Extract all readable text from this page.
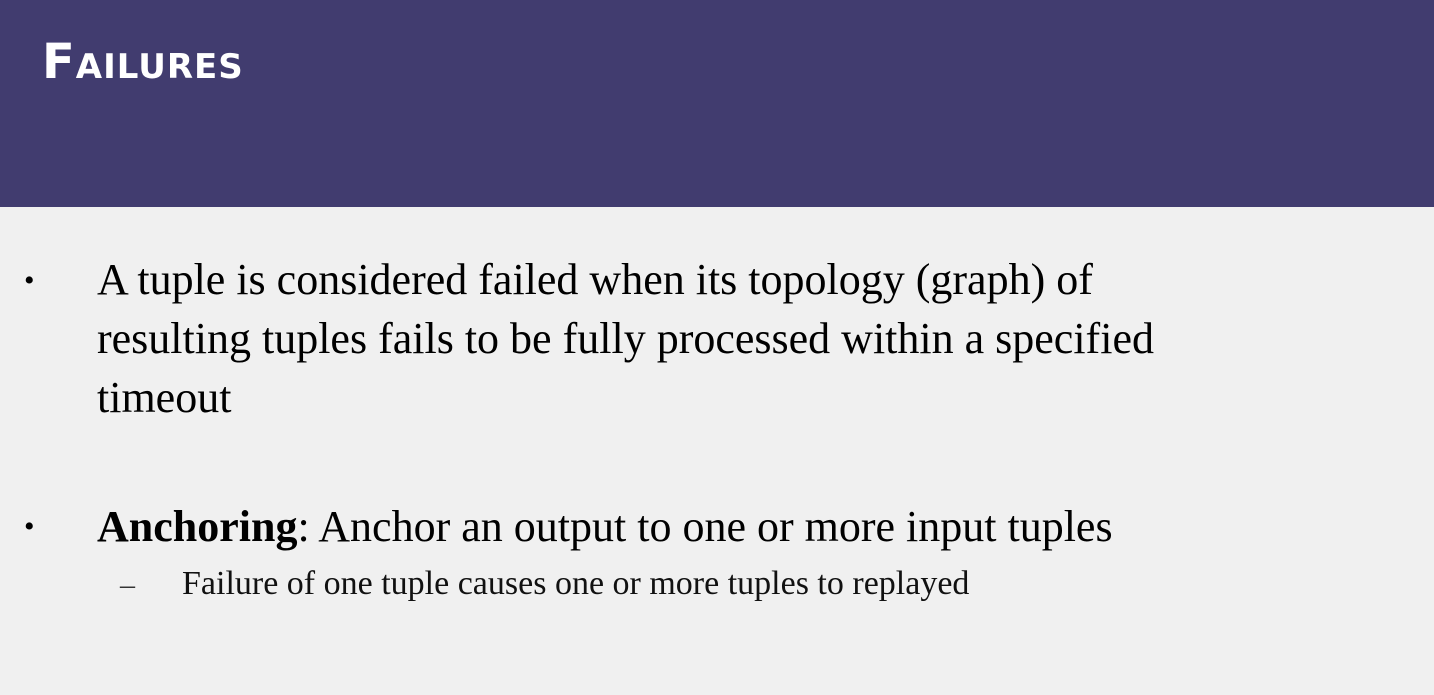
Failures
• A tuple is considered failed when its topology (graph) of
resulting tuples fails to be fully processed within a specified
timeout
• Anchoring: Anchor an output to one or more input tuples
– Failure of one tuple causes one or more tuples to replayed
